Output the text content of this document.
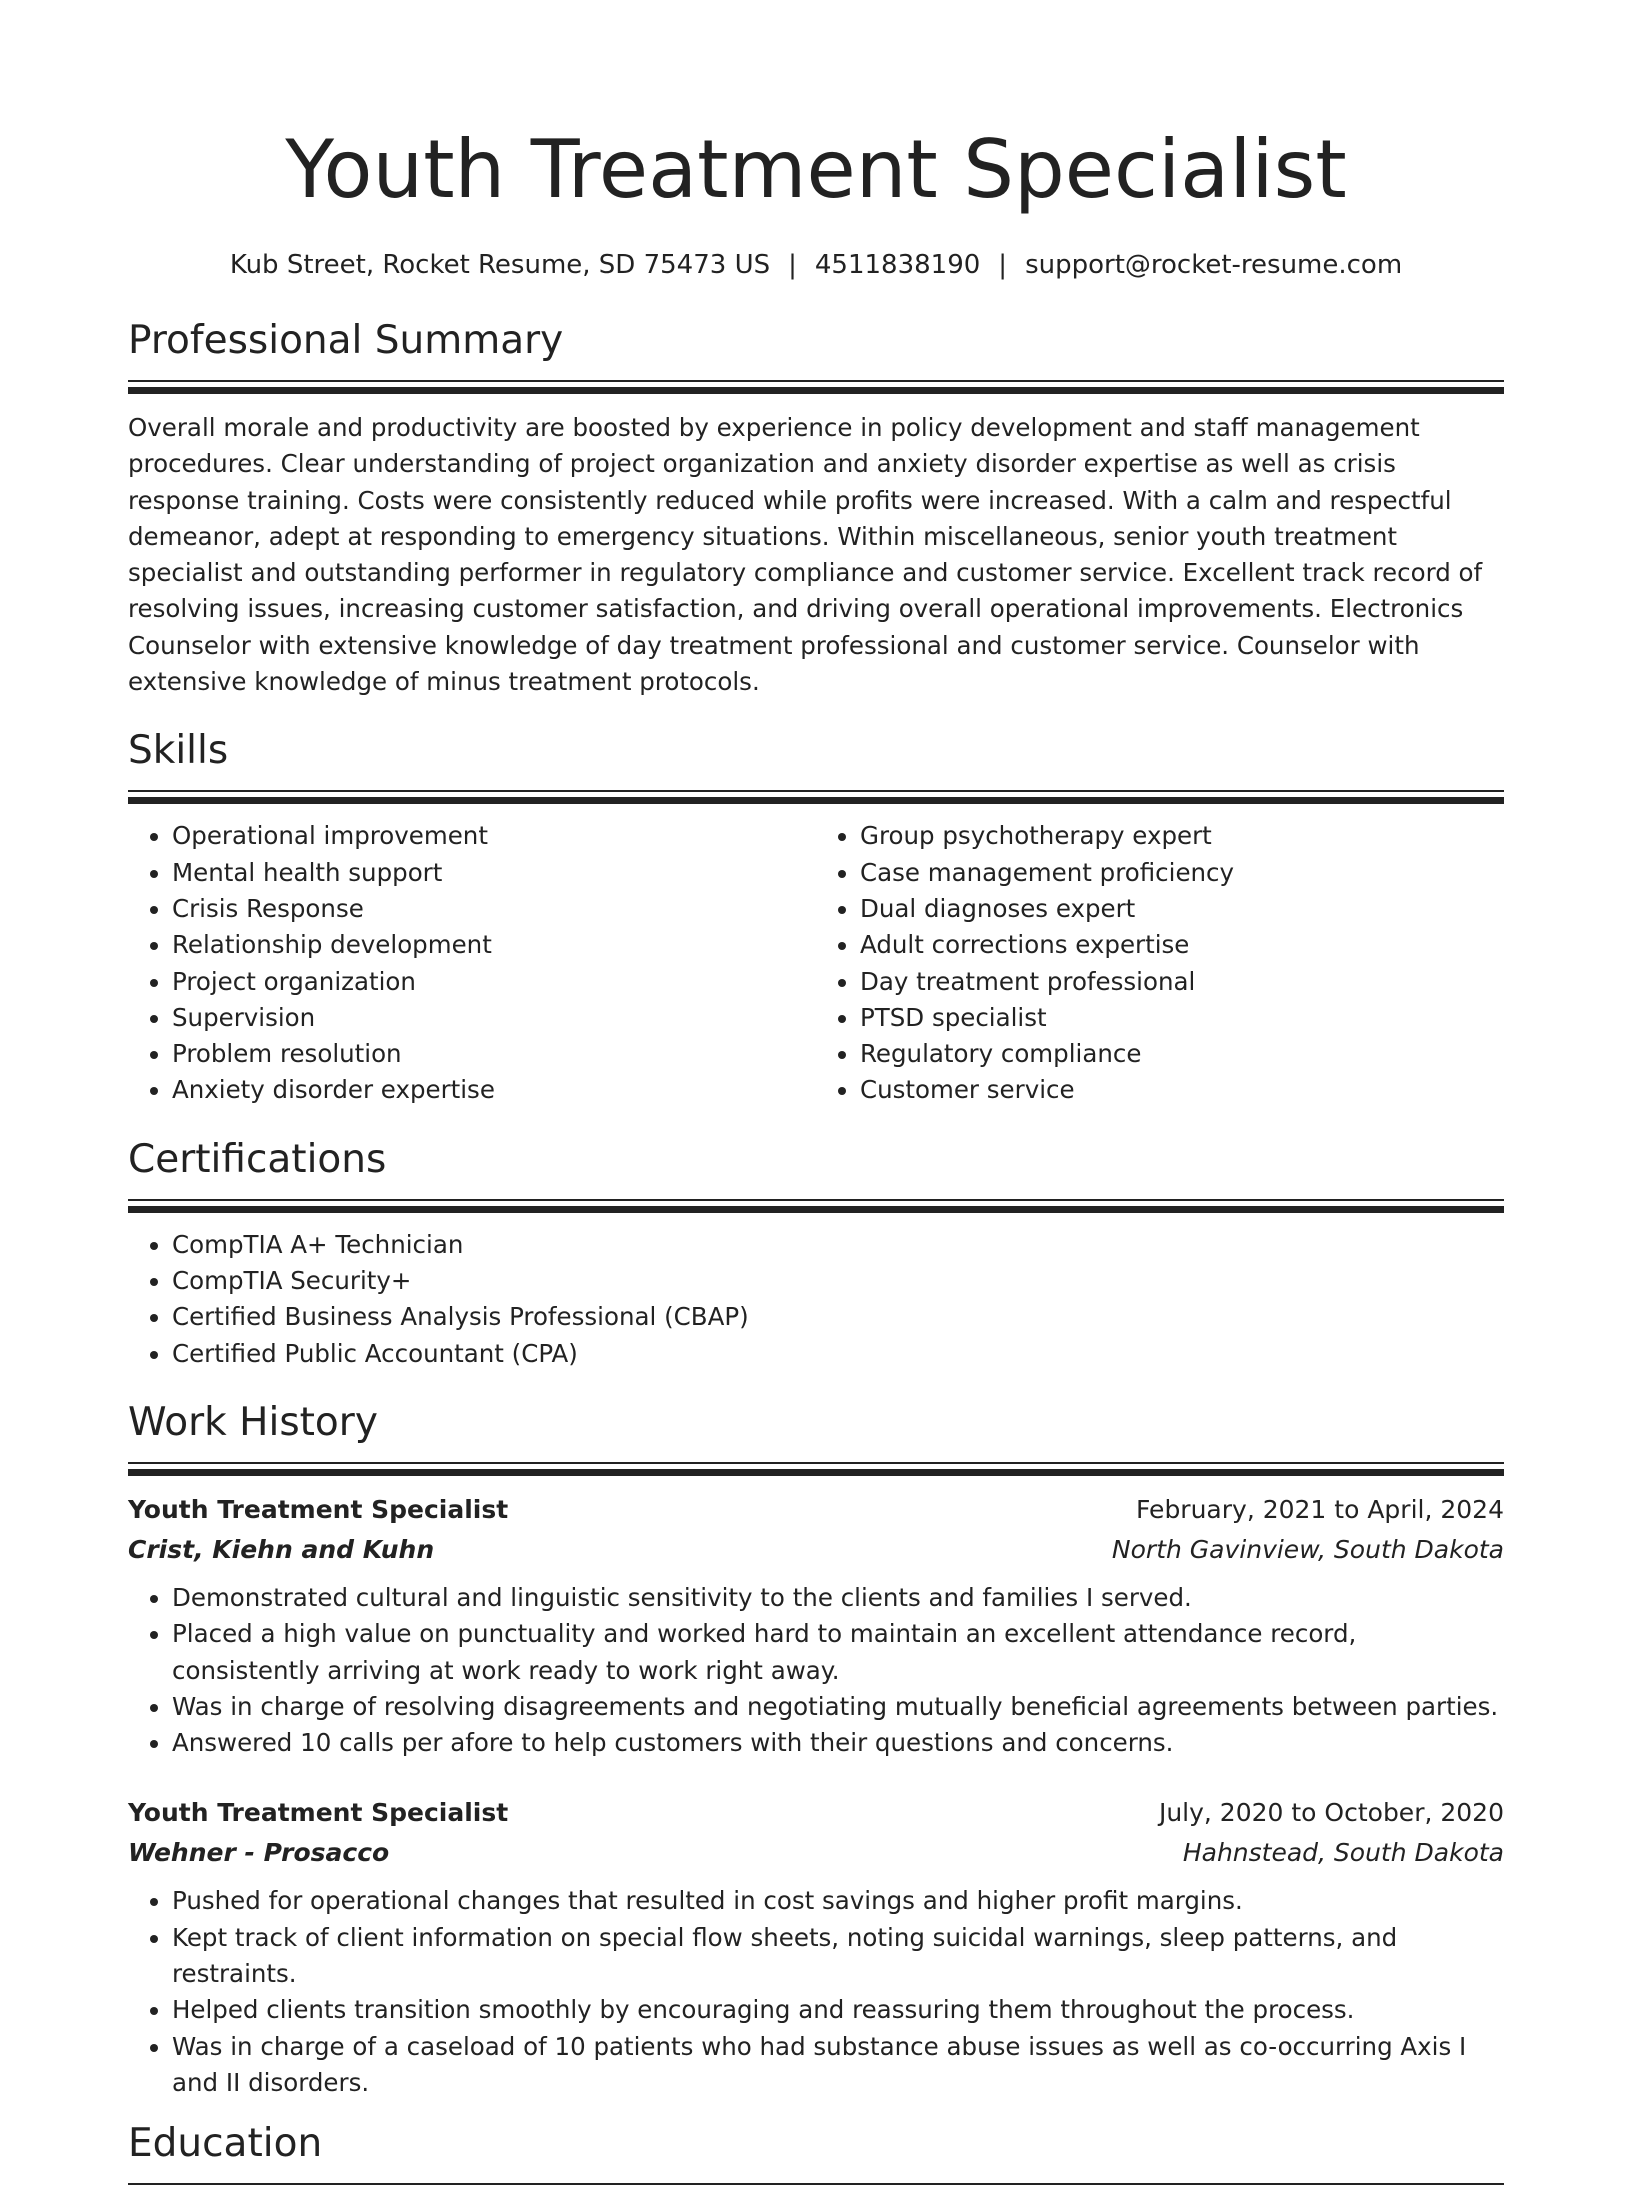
Youth Treatment Specialist
Kub Street, Rocket Resume, SD 75473 US | 4511838190 | support@rocket-resume.com
Professional Summary

Overall morale and productivity are boosted by experience in policy development and staff management procedures. Clear understanding of project organization and anxiety disorder expertise as well as crisis response training. Costs were consistently reduced while profits were increased. With a calm and respectful demeanor, adept at responding to emergency situations. Within miscellaneous, senior youth treatment specialist and outstanding performer in regulatory compliance and customer service. Excellent track record of resolving issues, increasing customer satisfaction, and driving overall operational improvements. Electronics Counselor with extensive knowledge of day treatment professional and customer service. Counselor with extensive knowledge of minus treatment protocols.

Skills
• Operational improvement
• Mental health support
• Crisis Response
• Relationship development
• Project organization
• Supervision
• Problem resolution
• Anxiety disorder expertise
• Group psychotherapy expert
• Case management proficiency
• Dual diagnoses expert
• Adult corrections expertise
• Day treatment professional
• PTSD specialist
• Regulatory compliance
• Customer service
Certifications
• CompTIA A+ Technician
• CompTIA Security+
• Certified Business Analysis Professional (CBAP)
• Certified Public Accountant (CPA)
Work History
Youth Treatment Specialist	February, 2021 to April, 2024
Crist, Kiehn and Kuhn	North Gavinview, South Dakota
• Demonstrated cultural and linguistic sensitivity to the clients and families I served.
• Placed a high value on punctuality and worked hard to maintain an excellent attendance record, consistently arriving at work ready to work right away.
• Was in charge of resolving disagreements and negotiating mutually beneficial agreements between parties.
• Answered 10 calls per afore to help customers with their questions and concerns.
Youth Treatment Specialist	July, 2020 to October, 2020
Wehner - Prosacco	Hahnstead, South Dakota
• Pushed for operational changes that resulted in cost savings and higher profit margins.
• Kept track of client information on special flow sheets, noting suicidal warnings, sleep patterns, and restraints.
• Helped clients transition smoothly by encouraging and reassuring them throughout the process.
• Was in charge of a caseload of 10 patients who had substance abuse issues as well as co-occurring Axis I and II disorders.
Education
